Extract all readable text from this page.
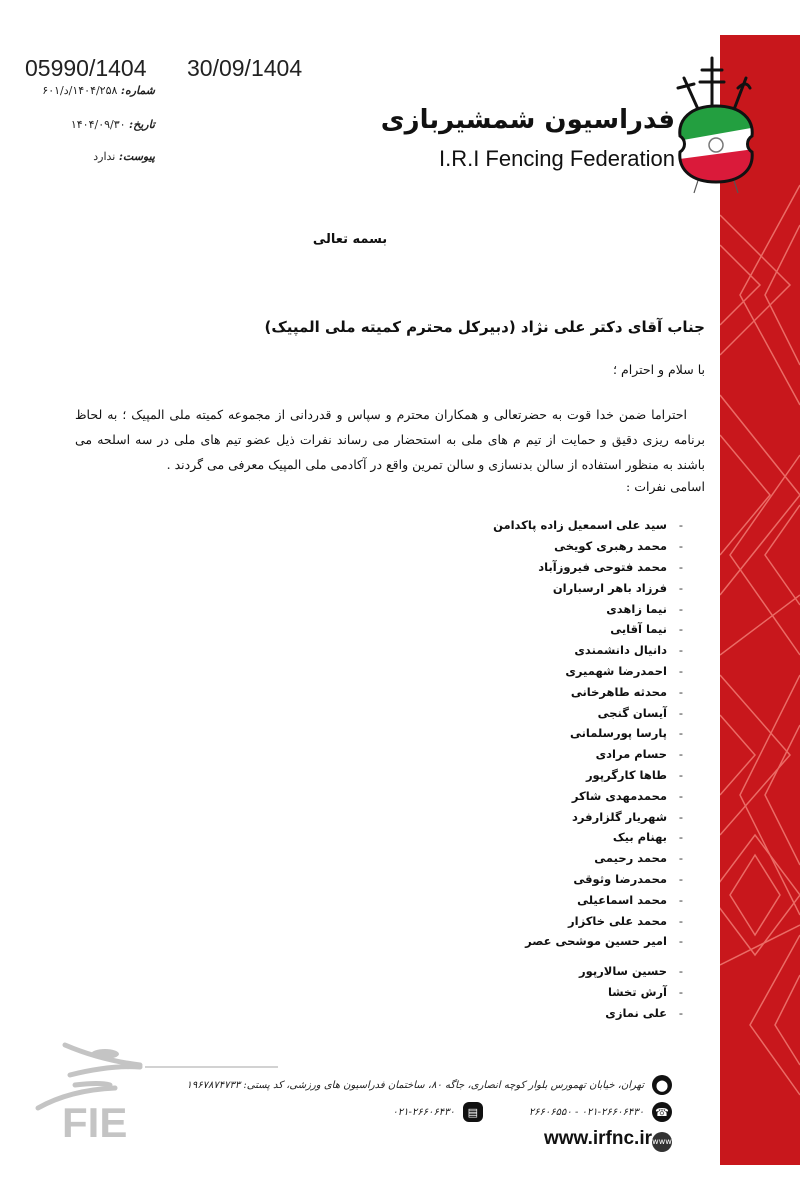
05990/1404 30/09/1404
شماره: ۱۴۰۴/۲۵۸/د/۶۰۱
تاریخ: ۱۴۰۴/۰۹/۳۰
پیوست: ندارد
فدراسیون شمشیربازی
I.R.I Fencing Federation
بسمه تعالی
جناب آقای دکتر علی نژاد (دبیرکل محترم کمیته ملی المپیک)
با سلام و احترام ؛
احتراما ضمن خدا قوت به حضرتعالی و همکاران محترم و سپاس و قدردانی از مجموعه کمیته ملی المپیک ؛ به لحاظ برنامه ریزی دقیق و حمایت از تیم م های ملی به استحضار می رساند نفرات ذیل عضو تیم های ملی در سه اسلحه می باشند به منظور استفاده از سالن بدنسازی و سالن تمرین واقع در آکادمی ملی المپیک معرفی می گردند .
اسامی نفرات :
-
سید علی اسمعیل زاده پاکدامن
-
محمد رهبری کویخی
-
محمد فتوحی فیروزآباد
-
فرزاد باهر ارسباران
-
نیما زاهدی
-
نیما آقایی
-
دانیال دانشمندی
-
احمدرضا شهمیری
-
محدثه طاهرخانی
-
آیسان گنجی
-
پارسا پورسلمانی
-
حسام مرادی
-
طاها کارگرپور
-
محمدمهدی شاکر
-
شهریار گلزارفرد
-
بهنام بیک
-
محمد رحیمی
-
محمدرضا وثوقی
-
محمد اسماعیلی
-
محمد علی خاکزار
-
امیر حسین موشحی عصر
-
حسین سالارپور
-
آرش تخشا
-
علی نمازی
FIE
⬤
تهران، خیابان تهمورس بلوار کوچه انصاری، جاگه ۸۰، ساختمان فدراسیون های ورزشی، کد پستی: ۱۹۶۷۸۷۴۷۳۳
☎
۰۲۱-۲۶۶۰۶۴۳۰ - ۲۶۶۰۶۵۵۰
▤
۰۲۱-۲۶۶۰۶۴۳۰
www
www.irfnc.ir
